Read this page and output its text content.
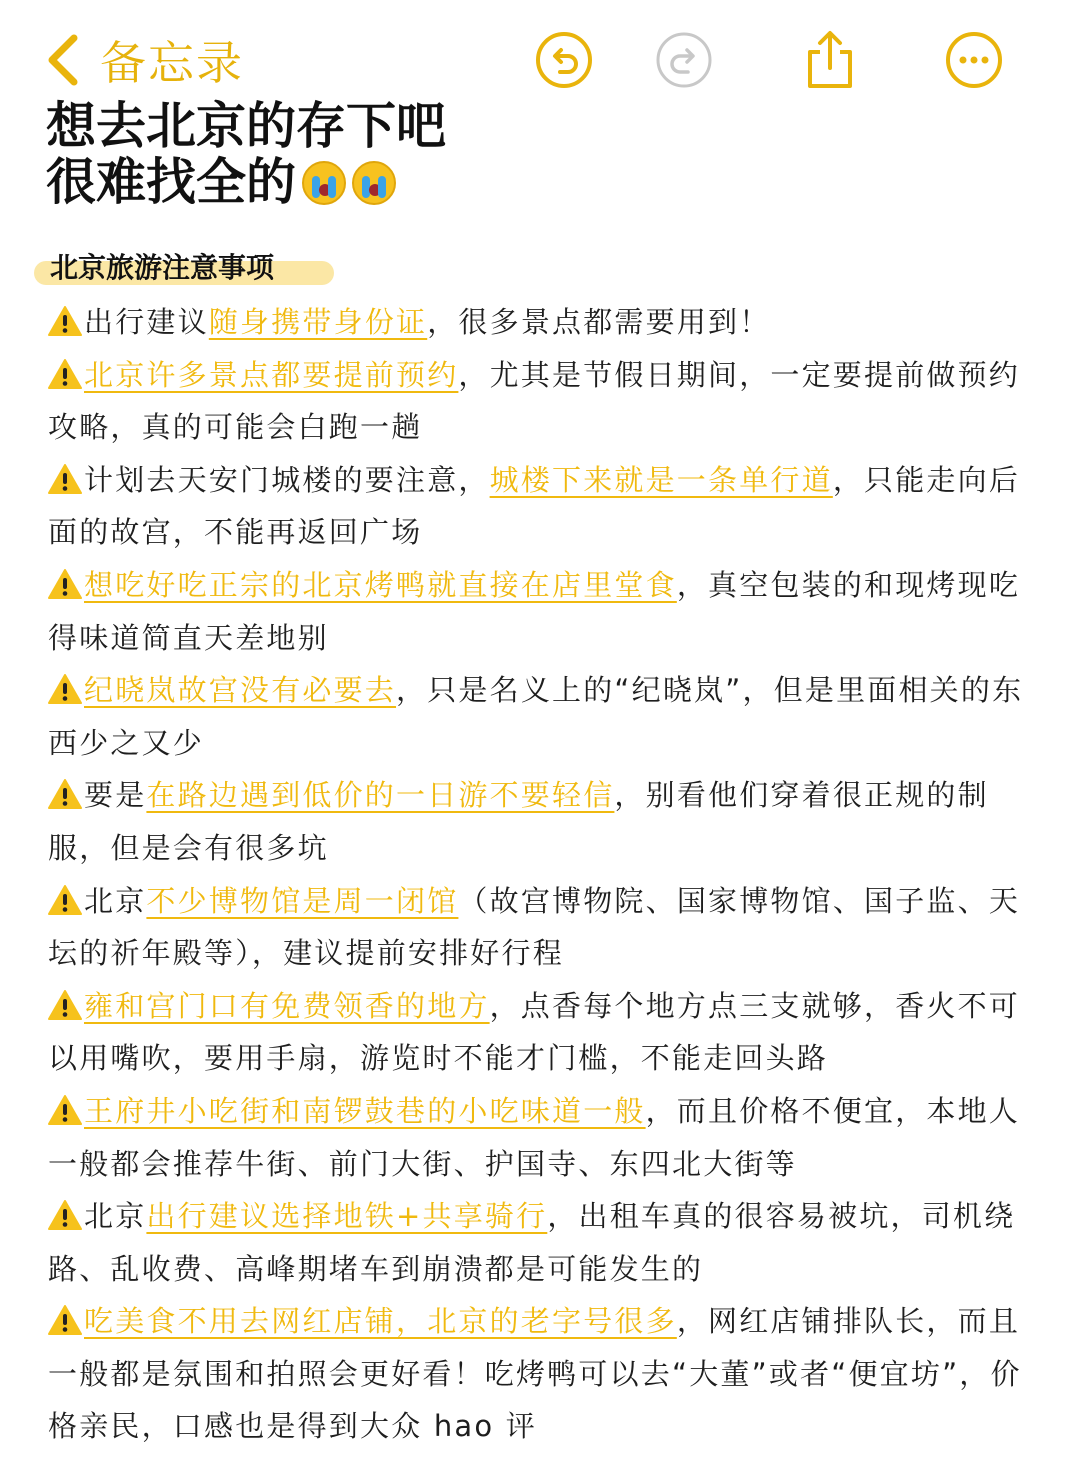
备忘录
想去北京的存下吧
很难找全的
北京旅游注意事项

出行建议随身携带身份证，很多景点都需要用到！

北京许多景点都要提前预约，尤其是节假日期间，一定要提前做预约攻略，真的可能会白跑一趟

计划去天安门城楼的要注意，城楼下来就是一条单行道，只能走向后面的故宫，不能再返回广场

想吃好吃正宗的北京烤鸭就直接在店里堂食，真空包装的和现烤现吃得味道简直天差地别

纪晓岚故宫没有必要去，只是名义上的“纪晓岚”，但是里面相关的东西少之又少

要是在路边遇到低价的一日游不要轻信，别看他们穿着很正规的制服，但是会有很多坑

北京不少博物馆是周一闭馆（故宫博物院、国家博物馆、国子监、天坛的祈年殿等），建议提前安排好行程

雍和宫门口有免费领香的地方，点香每个地方点三支就够，香火不可以用嘴吹，要用手扇，游览时不能才门槛，不能走回头路

王府井小吃街和南锣鼓巷的小吃味道一般，而且价格不便宜，本地人一般都会推荐牛街、前门大街、护国寺、东四北大街等

北京出行建议选择地铁+共享骑行，出租车真的很容易被坑，司机绕路、乱收费、高峰期堵车到崩溃都是可能发生的

吃美食不用去网红店铺，北京的老字号很多，网红店铺排队长，而且一般都是氛围和拍照会更好看！吃烤鸭可以去“大董”或者“便宜坊”，价格亲民，口感也是得到大众 hao 评
